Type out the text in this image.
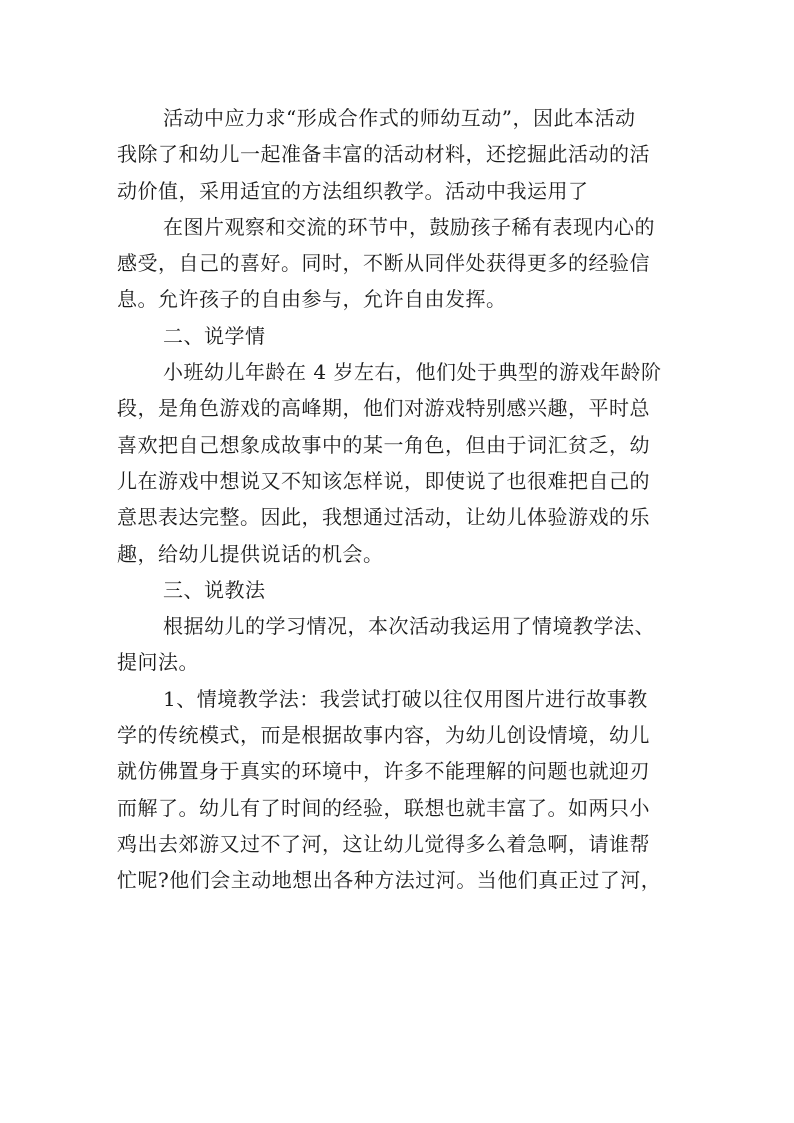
活动中应力求“形成合作式的师幼互动”，因此本活动
我除了和幼儿一起准备丰富的活动材料，还挖掘此活动的活
动价值，采用适宜的方法组织教学。活动中我运用了
在图片观察和交流的环节中，鼓励孩子稀有表现内心的
感受，自己的喜好。同时，不断从同伴处获得更多的经验信
息。允许孩子的自由参与，允许自由发挥。
二、说学情
小班幼儿年龄在 4 岁左右，他们处于典型的游戏年龄阶
段，是角色游戏的高峰期，他们对游戏特别感兴趣，平时总
喜欢把自己想象成故事中的某一角色，但由于词汇贫乏，幼
儿在游戏中想说又不知该怎样说，即使说了也很难把自己的
意思表达完整。因此，我想通过活动，让幼儿体验游戏的乐
趣，给幼儿提供说话的机会。
三、说教法
根据幼儿的学习情况，本次活动我运用了情境教学法、
提问法。
1、情境教学法：我尝试打破以往仅用图片进行故事教
学的传统模式，而是根据故事内容，为幼儿创设情境，幼儿
就仿佛置身于真实的环境中，许多不能理解的问题也就迎刃
而解了。幼儿有了时间的经验，联想也就丰富了。如两只小
鸡出去郊游又过不了河，这让幼儿觉得多么着急啊，请谁帮
忙呢?他们会主动地想出各种方法过河。当他们真正过了河，
